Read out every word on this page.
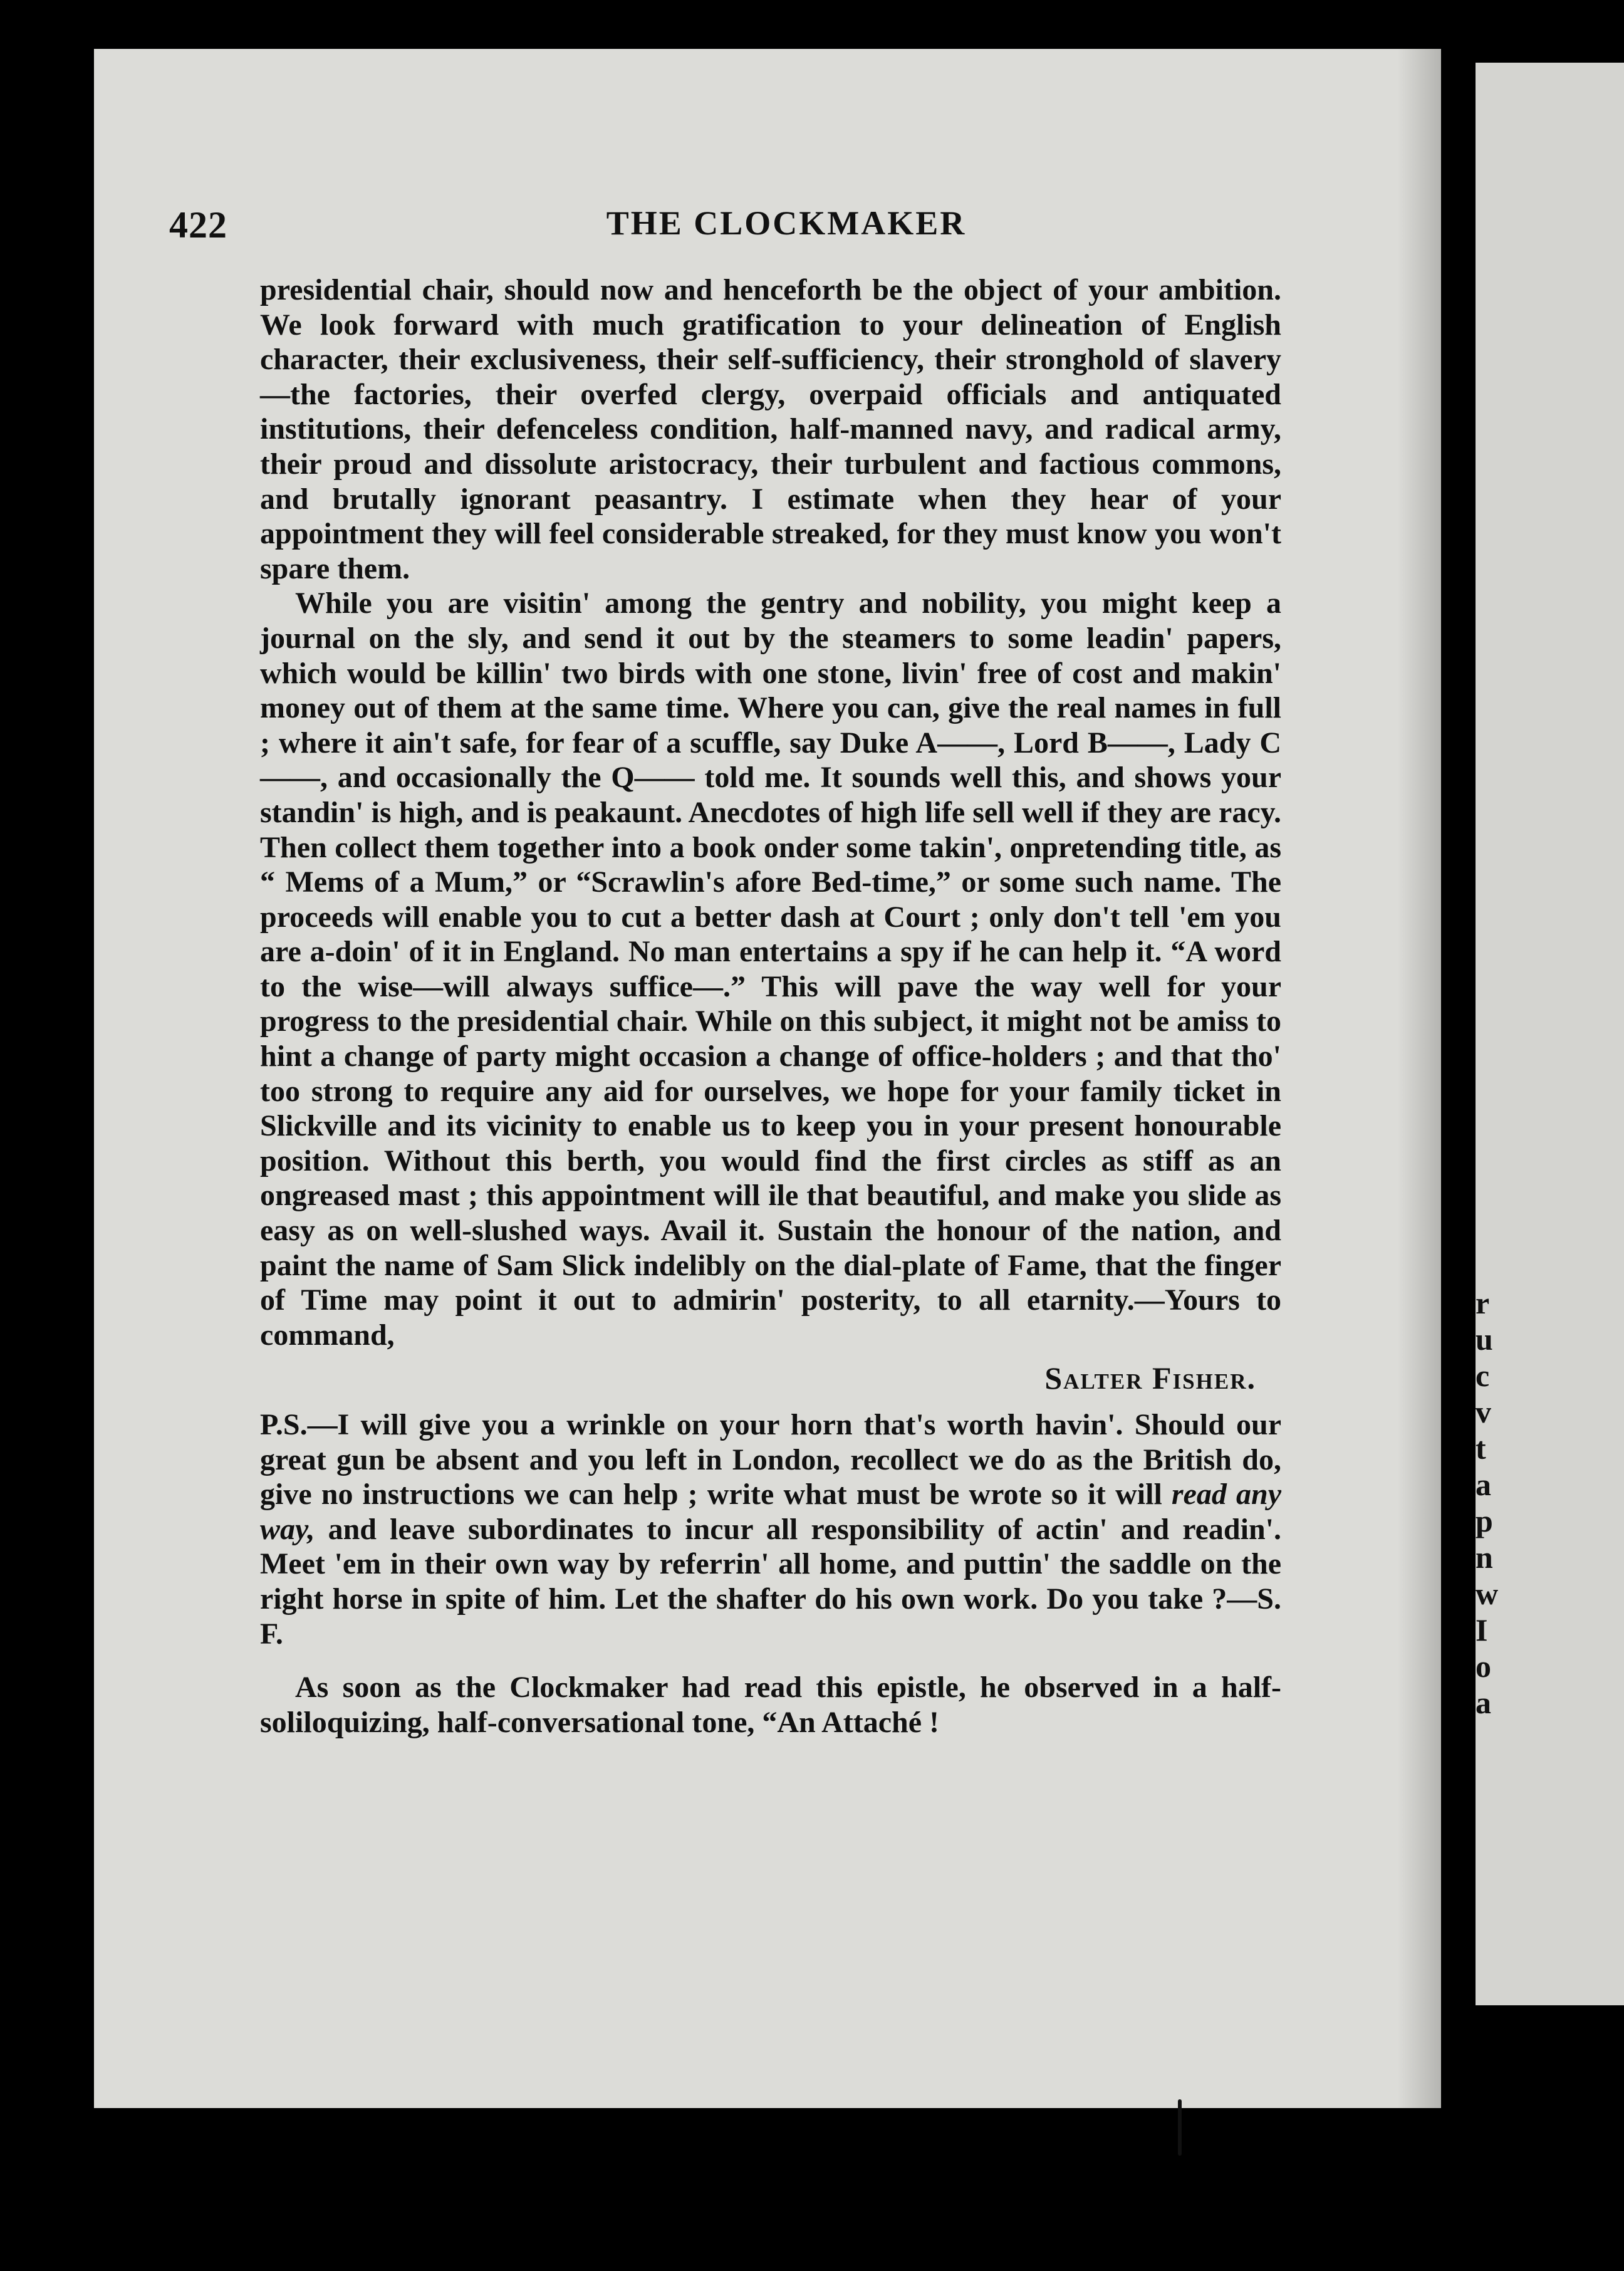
r
u
c
v
t
a
p
n
w
I
o
a
422	THE CLOCKMAKER

presidential chair, should now and henceforth be the object of your ambition. We look forward with much gratification to your delineation of English character, their exclusiveness, their self-sufficiency, their stronghold of slavery—the factories, their overfed clergy, overpaid officials and antiquated institutions, their defenceless condition, half-manned navy, and radical army, their proud and dissolute aristocracy, their turbulent and factious commons, and brutally ignorant peasantry. I estimate when they hear of your appointment they will feel considerable streaked, for they must know you won't spare them.

While you are visitin' among the gentry and nobility, you might keep a journal on the sly, and send it out by the steamers to some leadin' papers, which would be killin' two birds with one stone, livin' free of cost and makin' money out of them at the same time. Where you can, give the real names in full ; where it ain't safe, for fear of a scuffle, say Duke A——, Lord B——, Lady C——, and occasionally the Q—— told me. It sounds well this, and shows your standin' is high, and is peakaunt. Anecdotes of high life sell well if they are racy. Then collect them together into a book onder some takin', onpretending title, as “ Mems of a Mum,” or “Scrawlin's afore Bed-time,” or some such name. The proceeds will enable you to cut a better dash at Court ; only don't tell 'em you are a-doin' of it in England. No man entertains a spy if he can help it. “A word to the wise—will always suffice—.” This will pave the way well for your progress to the presidential chair. While on this subject, it might not be amiss to hint a change of party might occasion a change of office-holders ; and that tho' too strong to require any aid for ourselves, we hope for your family ticket in Slickville and its vicinity to enable us to keep you in your present honourable position. Without this berth, you would find the first circles as stiff as an ongreased mast ; this appointment will ile that beautiful, and make you slide as easy as on well-slushed ways. Avail it. Sustain the honour of the nation, and paint the name of Sam Slick indelibly on the dial-plate of Fame, that the finger of Time may point it out to admirin' posterity, to all etarnity.—Yours to command,

Salter Fisher.

P.S.—I will give you a wrinkle on your horn that's worth havin'. Should our great gun be absent and you left in London, recollect we do as the British do, give no instructions we can help ; write what must be wrote so it will read any way, and leave subordinates to incur all responsibility of actin' and readin'. Meet 'em in their own way by referrin' all home, and puttin' the saddle on the right horse in spite of him. Let the shafter do his own work. Do you take ?—S. F.

As soon as the Clockmaker had read this epistle, he observed in a half-soliloquizing, half-conversational tone, “An Attaché !
